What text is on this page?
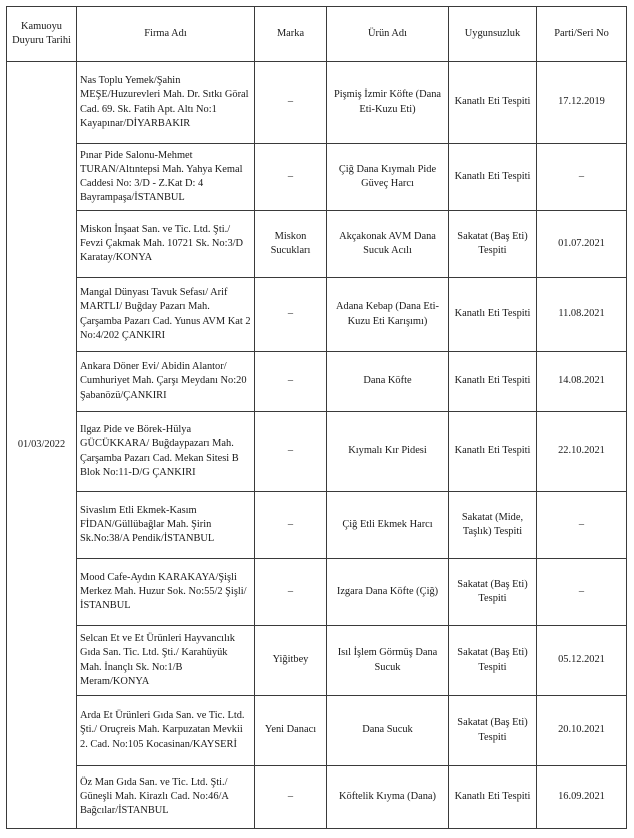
Kamuoyu Duyuru Tarihi	Firma Adı	Marka	Ürün Adı	Uygunsuzluk	Parti/Seri No
01/03/2022	Nas Toplu Yemek/Şahin MEŞE/Huzurevleri Mah. Dr. Sıtkı Göral Cad. 69. Sk. Fatih Apt. Altı No:1 Kayapınar/DİYARBAKIR	–	Pişmiş İzmir Köfte (Dana Eti-Kuzu Eti)	Kanatlı Eti Tespiti	17.12.2019
	Pınar Pide Salonu-Mehmet TURAN/Altıntepsi Mah. Yahya Kemal Caddesi No: 3/D - Z.Kat D: 4 Bayrampaşa/İSTANBUL	–	Çiğ Dana Kıymalı Pide Güveç Harcı	Kanatlı Eti Tespiti	–
	Miskon İnşaat San. ve Tic. Ltd. Şti./ Fevzi Çakmak Mah. 10721 Sk. No:3/D Karatay/KONYA	Miskon Sucukları	Akçakonak AVM Dana Sucuk Acılı	Sakatat (Baş Eti) Tespiti	01.07.2021
	Mangal Dünyası Tavuk Sefası/ Arif MARTLI/ Buğday Pazarı Mah. Çarşamba Pazarı Cad. Yunus AVM Kat 2 No:4/202 ÇANKIRI	–	Adana Kebap (Dana Eti-Kuzu Eti Karışımı)	Kanatlı Eti Tespiti	11.08.2021
	Ankara Döner Evi/ Abidin Alantor/ Cumhuriyet Mah. Çarşı Meydanı No:20 Şabanözü/ÇANKIRI	–	Dana Köfte	Kanatlı Eti Tespiti	14.08.2021
	Ilgaz Pide ve Börek-Hülya GÜCÜKKARA/ Buğdaypazarı Mah. Çarşamba Pazarı Cad. Mekan Sitesi B Blok No:11-D/G ÇANKIRI	–	Kıymalı Kır Pidesi	Kanatlı Eti Tespiti	22.10.2021
	Sivaslım Etli Ekmek-Kasım FİDAN/Güllübağlar Mah. Şirin Sk.No:38/A Pendik/İSTANBUL	–	Çiğ Etli Ekmek Harcı	Sakatat (Mide, Taşlık) Tespiti	–
	Mood Cafe-Aydın KARAKAYA/Şişli Merkez Mah. Huzur Sok. No:55/2 Şişli/İSTANBUL	–	Izgara Dana Köfte (Çiğ)	Sakatat (Baş Eti) Tespiti	–
	Selcan Et ve Et Ürünleri Hayvancılık Gıda San. Tic. Ltd. Şti./ Karahüyük Mah. İnançlı Sk. No:1/B Meram/KONYA	Yiğitbey	Isıl İşlem Görmüş Dana Sucuk	Sakatat (Baş Eti) Tespiti	05.12.2021
	Arda Et Ürünleri Gıda San. ve Tic. Ltd. Şti./ Oruçreis Mah. Karpuzatan Mevkii 2. Cad. No:105 Kocasinan/KAYSERİ	Yeni Danacı	Dana Sucuk	Sakatat (Baş Eti) Tespiti	20.10.2021
	Öz Man Gıda San. ve Tic. Ltd. Şti./ Güneşli Mah. Kirazlı Cad. No:46/A Bağcılar/İSTANBUL	–	Köftelik Kıyma (Dana)	Kanatlı Eti Tespiti	16.09.2021
